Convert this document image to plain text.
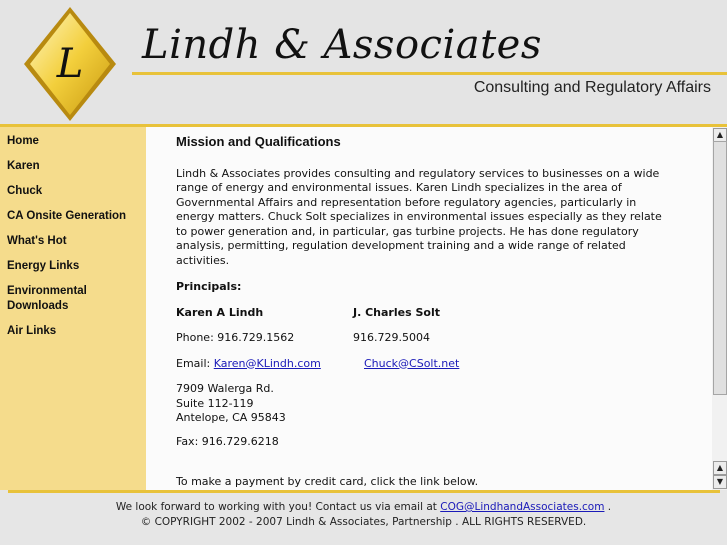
L Lindh & Associates
Consulting and Regulatory Affairs
Home
Karen
Chuck
CA Onsite Generation
What's Hot
Energy Links
Environmental Downloads
Air Links
Mission and Qualifications

Lindh & Associates provides consulting and regulatory services to businesses on a wide range of energy and environmental issues. Karen Lindh specializes in the area of Governmental Affairs and representation before regulatory agencies, particularly in energy matters. Chuck Solt specializes in environmental issues especially as they relate to power generation and, in particular, gas turbine projects. He has done regulatory analysis, permitting, regulation development training and a wide range of related activities.

Principals:
Karen A Lindh	J. Charles Solt
Phone: 916.729.1562	916.729.5004
Email: Karen@KLindh.com	Chuck@CSolt.net
7909 Walerga Rd.
Suite 112-119
Antelope, CA 95843
Fax: 916.729.6218
To make a payment by credit card, click the link below.
▲
▲
▼
We look forward to working with you! Contact us via email at COG@LindhandAssociates.com .
© COPYRIGHT 2002 - 2007 Lindh & Associates, Partnership . ALL RIGHTS RESERVED.
